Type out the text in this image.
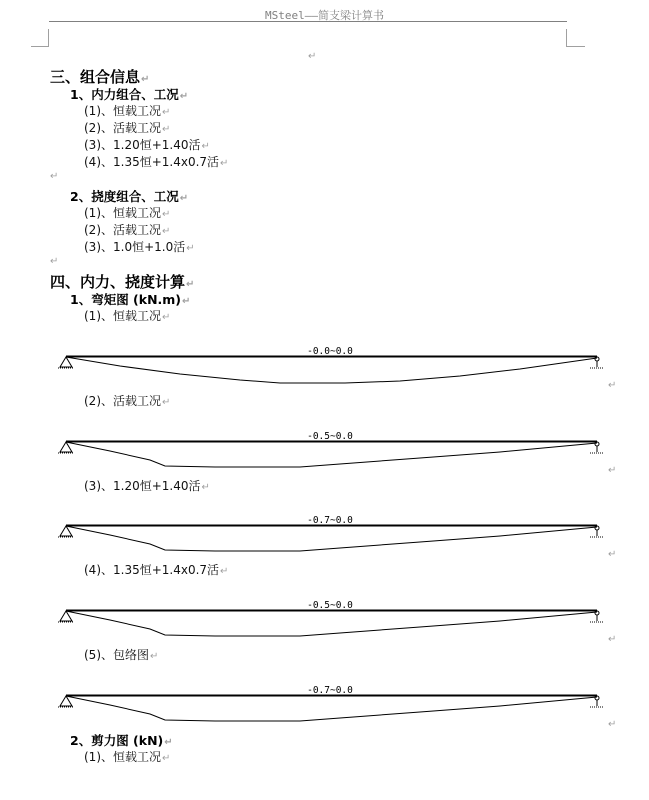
MSteel——简支梁计算书
↵
三、组合信息↵
1、内力组合、工况↵
(1)、恒载工况↵
(2)、活载工况↵
(3)、1.20恒+1.40活↵
(4)、1.35恒+1.4x0.7活↵
↵
2、挠度组合、工况↵
(1)、恒载工况↵
(2)、活载工况↵
(3)、1.0恒+1.0活↵
↵
四、内力、挠度计算↵
1、弯矩图 (kN.m)↵
(1)、恒载工况↵
-0.0~0.0
↵
(2)、活载工况↵
-0.5~0.0
↵
(3)、1.20恒+1.40活↵
-0.7~0.0
↵
(4)、1.35恒+1.4x0.7活↵
-0.5~0.0
↵
(5)、包络图↵
-0.7~0.0
↵
2、剪力图 (kN)↵
(1)、恒载工况↵
